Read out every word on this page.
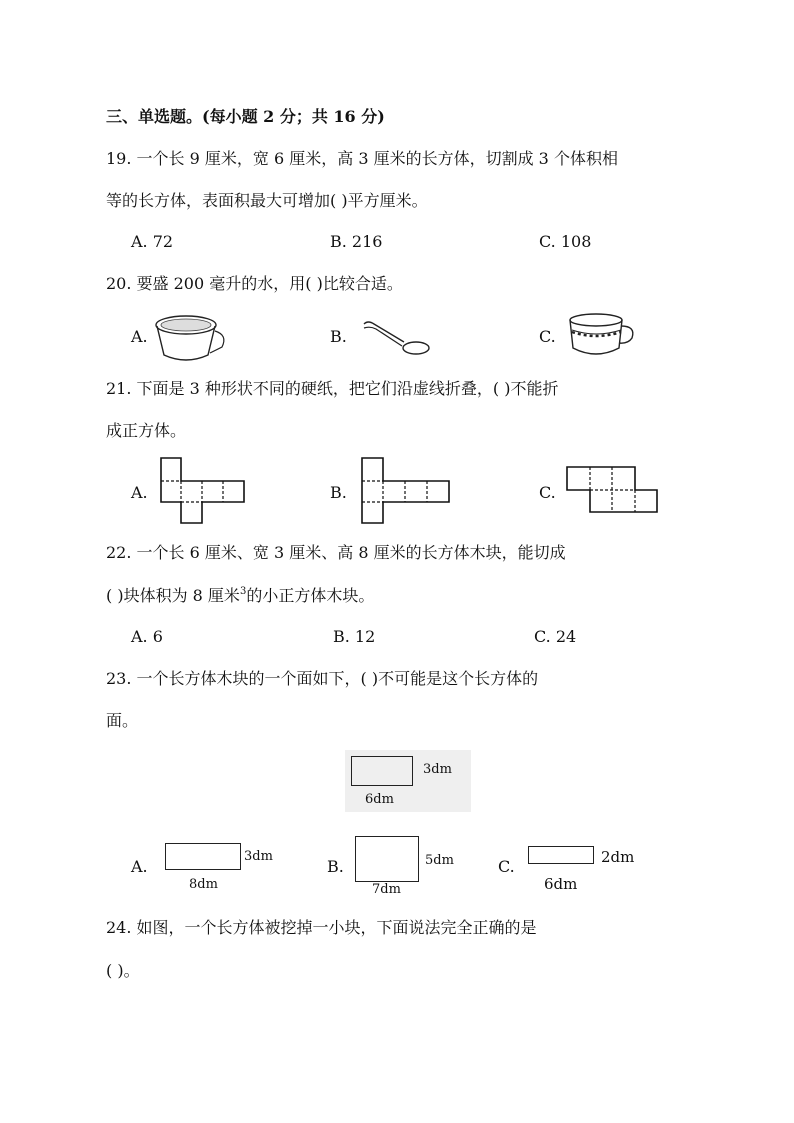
三、单选题。(每小题 2 分；共 16 分)
19. 一个长 9 厘米，宽 6 厘米，高 3 厘米的长方体，切割成 3 个体积相
等的长方体，表面积最大可增加( )平方厘米。
A. 72	B. 216	C. 108
20. 要盛 200 毫升的水，用( )比较合适。
A.	B.	C.
21. 下面是 3 种形状不同的硬纸，把它们沿虚线折叠，( )不能折
成正方体。
A.	B.	C.
22. 一个长 6 厘米、宽 3 厘米、高 8 厘米的长方体木块，能切成
( )块体积为 8 厘米$^3$的小正方体木块。
A. 6	B. 12	C. 24
23. 一个长方体木块的一个面如下，( )不可能是这个长方体的
面。
3dm
6dm
A.
3dm
8dm
B.	5dm
7dm
C.	2dm
6dm
24. 如图，一个长方体被挖掉一小块，下面说法完全正确的是
( )。
